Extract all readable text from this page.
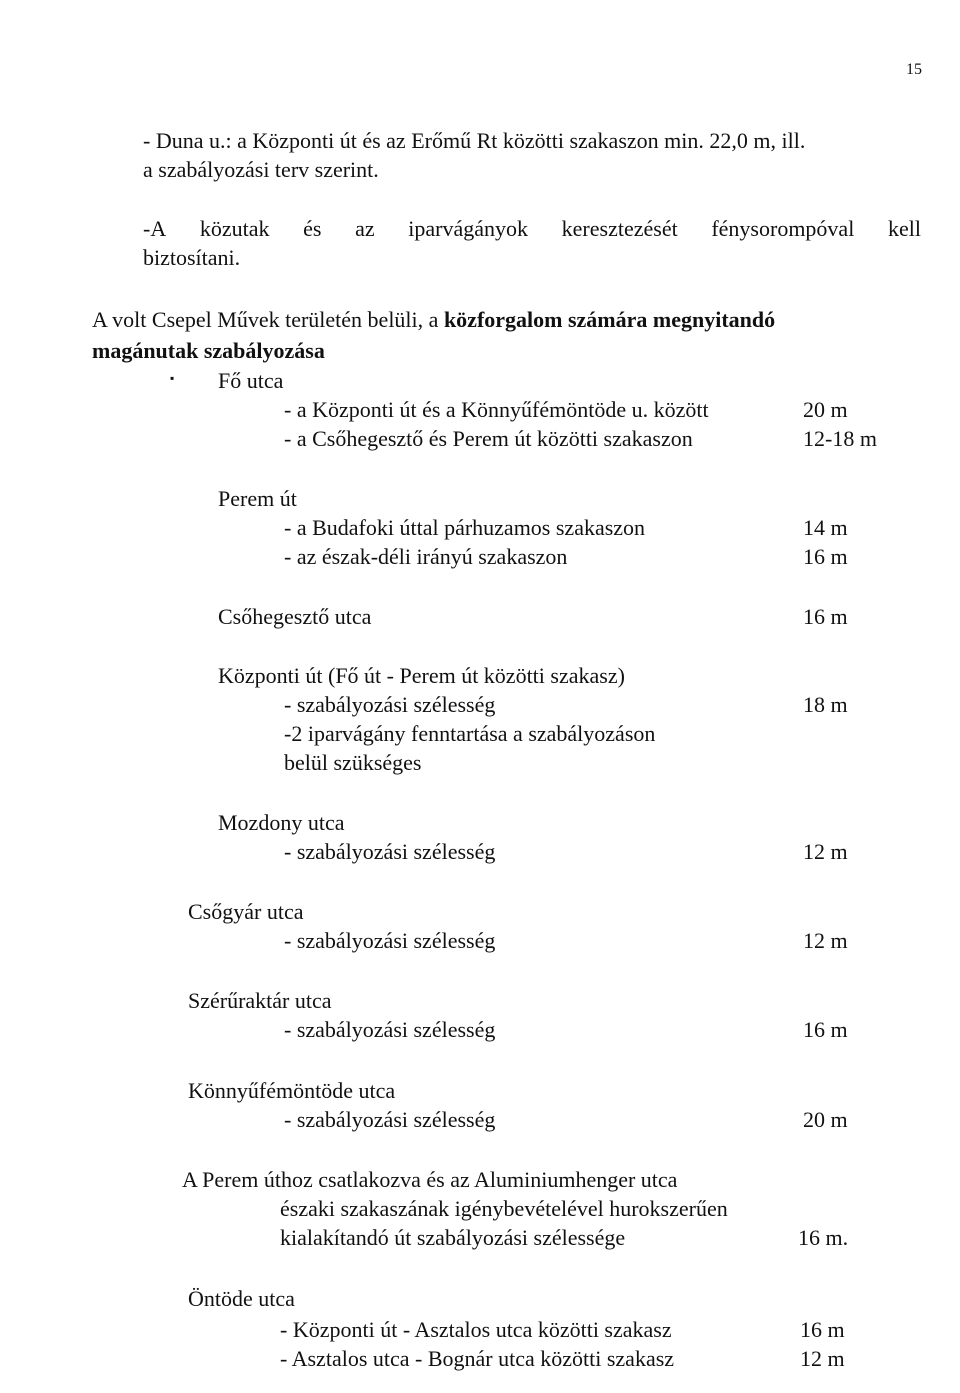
15
- Duna u.: a Központi út és az Erőmű Rt közötti szakaszon min. 22,0 m, ill.
a szabályozási terv szerint.
-A közutak és az iparvágányok keresztezését fénysorompóval kell
biztosítani.
A volt Csepel Művek területén belüli, a közforgalom számára megnyitandó
magánutak szabályozása
▪ Fő utca
- a Központi út és a Könnyűfémöntöde u. között	20 m
- a Csőhegesztő és Perem út közötti szakaszon	12-18 m
Perem út
- a Budafoki úttal párhuzamos szakaszon	14 m
- az észak-déli irányú szakaszon	16 m
Csőhegesztő utca	16 m
Központi út (Fő út - Perem út közötti szakasz)
- szabályozási szélesség	18 m
-2 iparvágány fenntartása a szabályozáson
belül szükséges
Mozdony utca
- szabályozási szélesség	12 m
Csőgyár utca
- szabályozási szélesség	12 m
Szérűraktár utca
- szabályozási szélesség	16 m
Könnyűfémöntöde utca
- szabályozási szélesség	20 m
A Perem úthoz csatlakozva és az Aluminiumhenger utca
északi szakaszának igénybevételével hurokszerűen
kialakítandó út szabályozási szélessége	16 m.
Öntöde utca
- Központi út - Asztalos utca közötti szakasz	16 m
- Asztalos utca - Bognár utca közötti szakasz	12 m
